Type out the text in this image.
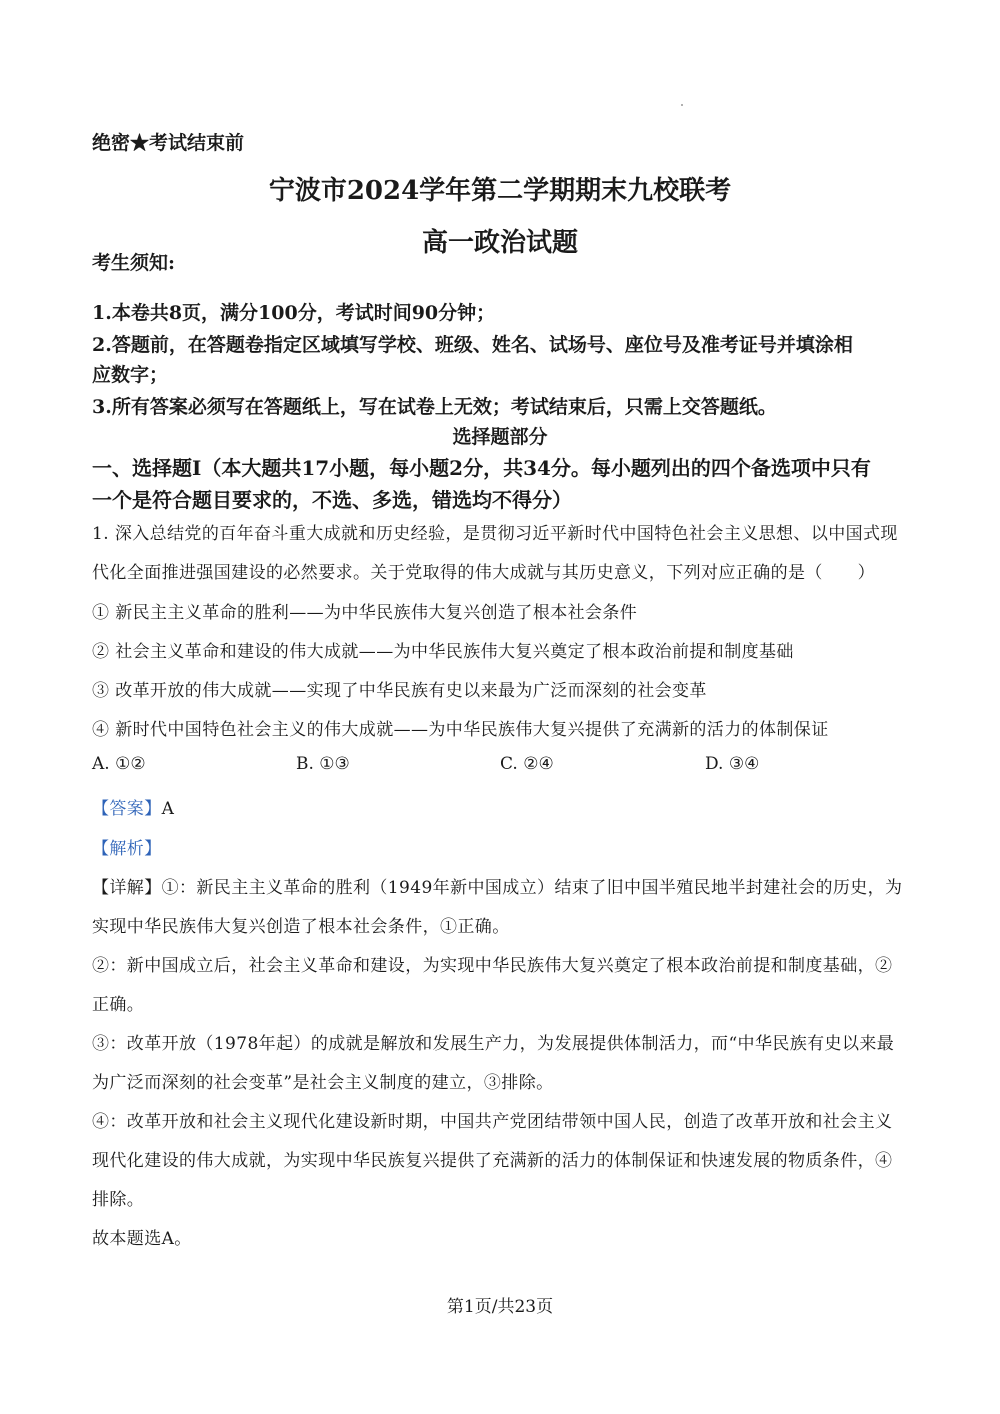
绝密★考试结束前
宁波市2024学年第二学期期末九校联考
高一政治试题
考生须知:
1.本卷共8页，满分100分，考试时间90分钟；
2.答题前，在答题卷指定区域填写学校、班级、姓名、试场号、座位号及准考证号并填涂相
应数字；
3.所有答案必须写在答题纸上，写在试卷上无效；考试结束后，只需上交答题纸。
选择题部分
一、选择题Ⅰ（本大题共17小题，每小题2分，共34分。每小题列出的四个备选项中只有
一个是符合题目要求的，不选、多选，错选均不得分）
1. 深入总结党的百年奋斗重大成就和历史经验，是贯彻习近平新时代中国特色社会主义思想、以中国式现
代化全面推进强国建设的必然要求。关于党取得的伟大成就与其历史意义，下列对应正确的是（　　）
① 新民主主义革命的胜利——为中华民族伟大复兴创造了根本社会条件
② 社会主义革命和建设的伟大成就——为中华民族伟大复兴奠定了根本政治前提和制度基础
③ 改革开放的伟大成就——实现了中华民族有史以来最为广泛而深刻的社会变革
④ 新时代中国特色社会主义的伟大成就——为中华民族伟大复兴提供了充满新的活力的体制保证
A. ①②	B. ①③	C. ②④	D. ③④
【答案】A
【解析】
【详解】①：新民主主义革命的胜利（1949年新中国成立）结束了旧中国半殖民地半封建社会的历史，为
实现中华民族伟大复兴创造了根本社会条件，①正确。
②：新中国成立后，社会主义革命和建设，为实现中华民族伟大复兴奠定了根本政治前提和制度基础，②
正确。
③：改革开放（1978年起）的成就是解放和发展生产力，为发展提供体制活力，而“中华民族有史以来最
为广泛而深刻的社会变革”是社会主义制度的建立，③排除。
④：改革开放和社会主义现代化建设新时期，中国共产党团结带领中国人民，创造了改革开放和社会主义
现代化建设的伟大成就，为实现中华民族复兴提供了充满新的活力的体制保证和快速发展的物质条件，④
排除。
故本题选A。
第1页/共23页
